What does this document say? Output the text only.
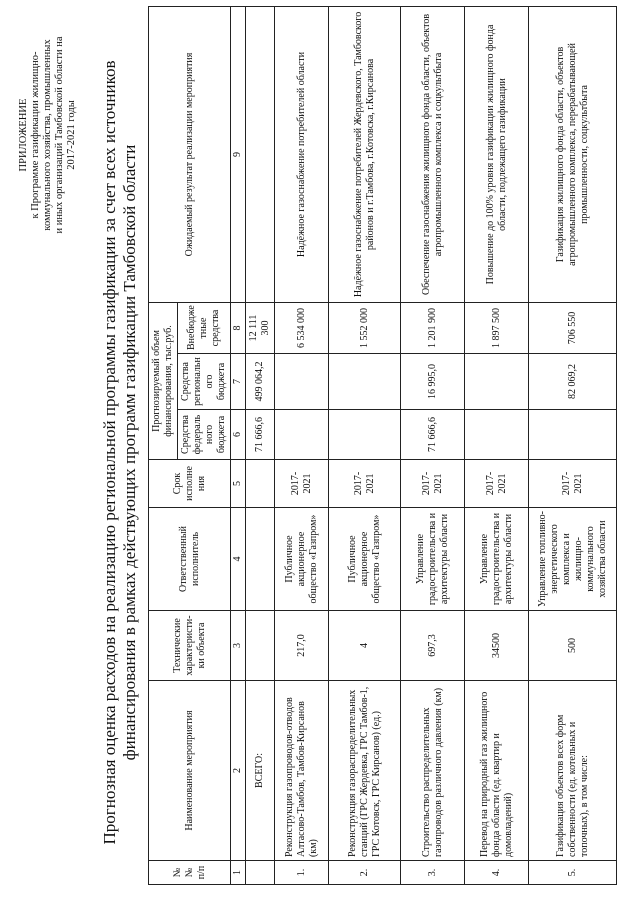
ПРИЛОЖЕНИЕ к Программе газификации жилищно- коммунального хозяйства, промышленных и иных организаций Тамбовской области на 2017-2021 годы Прогнозная оценка расходов на реализацию региональной программы газификации за счет всех источников финансирования в рамках действующих программ газификации Тамбовской области
№ № п/п	Наименование мероприятия	Технические характеристи-ки объекта	Ответственный исполнитель	Срок исполне ния	Прогнозируемый объем финансирования, тыс.руб.			Ожидаемый результат реализации мероприятия
					Средства федераль ного бюджета	Средства региональн ого бюджета	Внебюдже тные средства	
1	2	3	4	5	6	7	8	9
	ВСЕГО:				71 666,6	499 064,2	12 111 300	
1.	Реконструкция газопроводов-отводов Алтасово-Тамбов, Тамбов-Кирсанов (км)	217,0	Публичное акционерное общество «Газпром»	2017-2021			6 534 000	Надёжное газоснабжение потребителей области
2.	Реконструкция газораспределительных станций (ГРС Жердевка, ГРС Тамбов-1, ГРС Котовск, ГРС Кирсанов) (ед.)	4	Публичное акционерное общество «Газпром»	2017-2021			1 552 000	Надёжное газоснабжение потребителей Жердевского, Тамбовского районов и г.Тамбова, г.Котовска, г.Кирсанова
3.	Строительство распределительных газопроводов различного давления (км)	697,3	Управление градостроительства и архитектуры области	2017-2021	71 666,6	16 995,0	1 201 900	Обеспечение газоснабжения жилищного фонда области, объектов агропромышленного комплекса и соцкультбыта
4.	Перевод на природный газ жилищного фонда области (ед. квартир и домовладений)	34500	Управление градостроительства и архитектуры области	2017-2021			1 897 500	Повышение до 100% уровня газификации жилищного фонда области, подлежащего газификации
5.	Газификация объектов всех форм собственности (ед. котельных и топочных), в том числе:	500	Управление топливно-энергетического комплекса и жилищно-коммунального хозяйства области	2017-2021		82 069,2	706 550	Газификация жилищного фонда области, объектов агропромышленного комплекса, перерабатывающей промышленности, соцкультбыта
